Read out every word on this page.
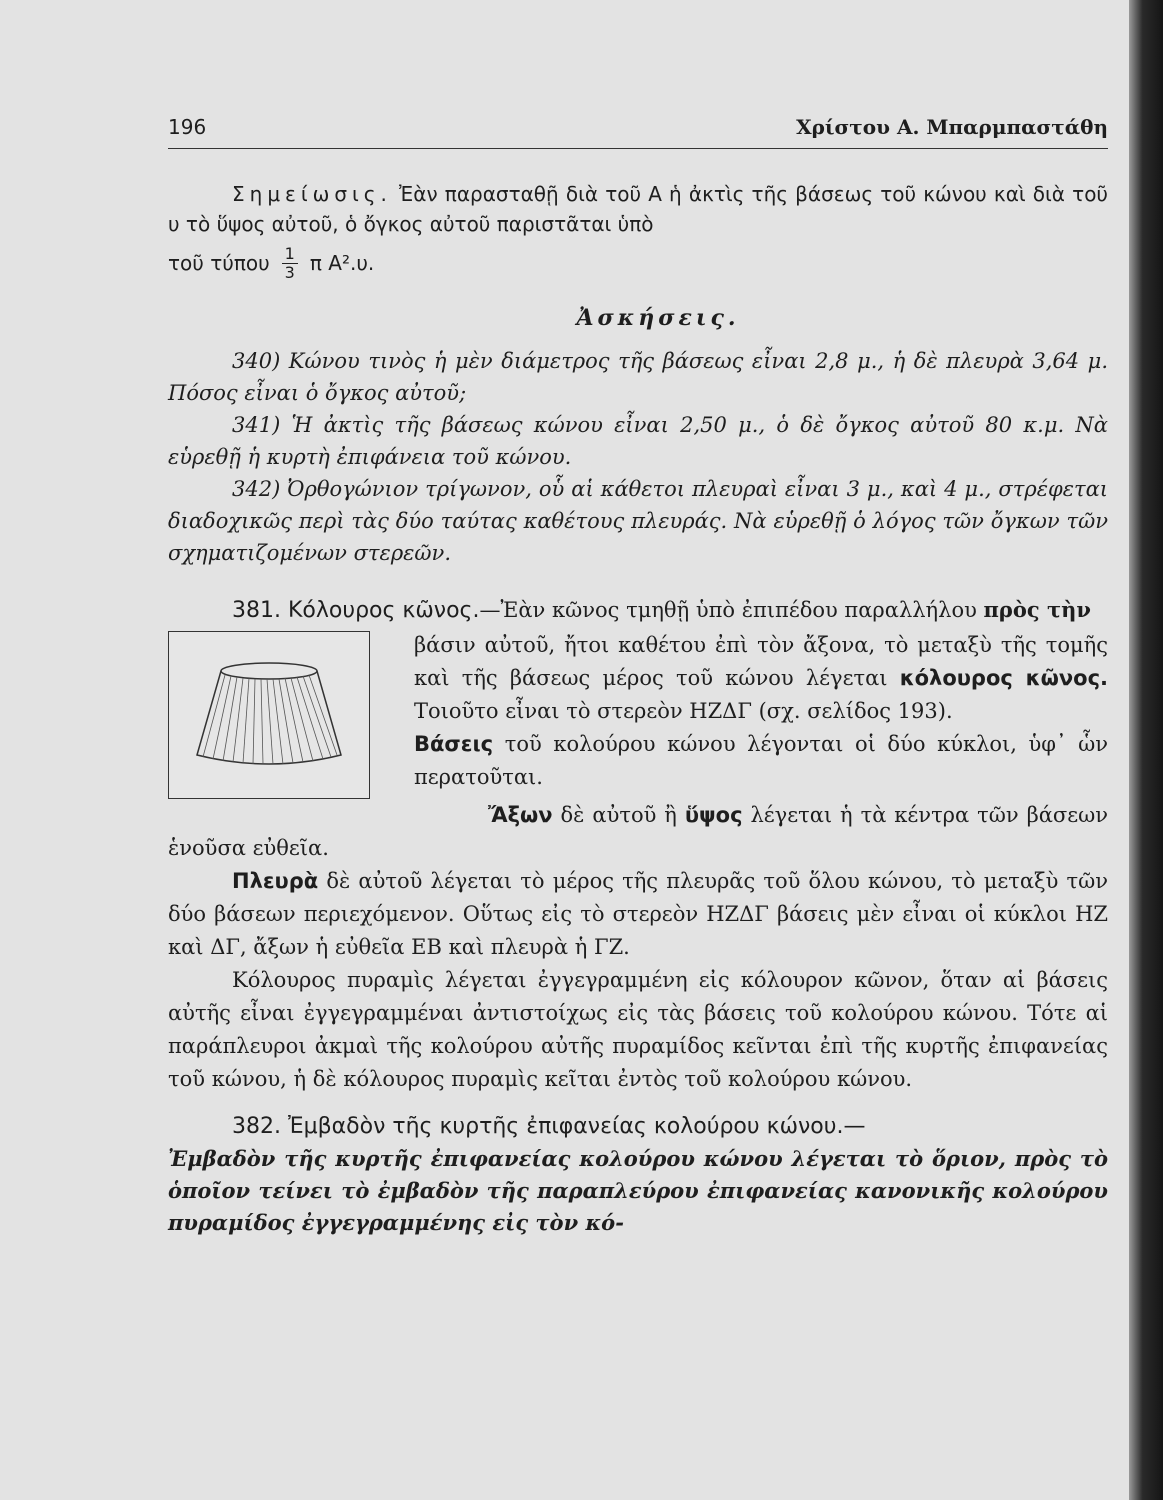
196	Χρίστου Α. Μπαρμπαστάθη

Σημείωσις. Ἐὰν παρασταθῇ διὰ τοῦ Α ἡ ἀκτὶς τῆς βάσεως τοῦ κώνου καὶ διὰ τοῦ υ τὸ ὕψος αὐτοῦ, ὁ ὄγκος αὐτοῦ παριστᾶται ὑπὸ

τοῦ τύπου $\frac{1}{3}$ π Α².υ.
Ἀσκήσεις.

340) Κώνου τινὸς ἡ μὲν διάμετρος τῆς βάσεως εἶναι 2,8 μ., ἡ δὲ πλευρὰ 3,64 μ. Πόσος εἶναι ὁ ὄγκος αὐτοῦ;

341) Ἡ ἀκτὶς τῆς βάσεως κώνου εἶναι 2,50 μ., ὁ δὲ ὄγκος αὐτοῦ 80 κ.μ. Νὰ εὑρεθῇ ἡ κυρτὴ ἐπιφάνεια τοῦ κώνου.

342) Ὀρθογώνιον τρίγωνον, οὗ αἱ κάθετοι πλευραὶ εἶναι 3 μ., καὶ 4 μ., στρέφεται διαδοχικῶς περὶ τὰς δύο ταύτας καθέτους πλευράς. Νὰ εὑρεθῇ ὁ λόγος τῶν ὄγκων τῶν σχηματιζομένων στερεῶν.

381. Κόλουρος κῶνος.—Ἐὰν κῶνος τμηθῇ ὑπὸ ἐπιπέδου παραλλήλου πρὸς τὴν

βάσιν αὐτοῦ, ἤτοι καθέτου ἐπὶ τὸν ἄξονα, τὸ μεταξὺ τῆς τομῆς καὶ τῆς βάσεως μέρος τοῦ κώνου λέγεται κόλουρος κῶνος. Τοιοῦτο εἶναι τὸ στερεὸν ΗΖΔΓ (σχ. σελίδος 193).

Βάσεις τοῦ κολούρου κώνου λέγονται οἱ δύο κύκλοι, ὑφ᾽ ὧν περατοῦται.

Ἄξων δὲ αὐτοῦ ἢ ὕψος λέγεται ἡ τὰ κέντρα τῶν βάσεων ἑνοῦσα εὐθεῖα.

Πλευρὰ δὲ αὐτοῦ λέγεται τὸ μέρος τῆς πλευρᾶς τοῦ ὅλου κώνου, τὸ μεταξὺ τῶν δύο βάσεων περιεχόμενον. Οὕτως εἰς τὸ στερεὸν ΗΖΔΓ βάσεις μὲν εἶναι οἱ κύκλοι ΗΖ καὶ ΔΓ, ἄξων ἡ εὐθεῖα ΕΒ καὶ πλευρὰ ἡ ΓΖ.

Κόλουρος πυραμὶς λέγεται ἐγγεγραμμένη εἰς κόλουρον κῶνον, ὅταν αἱ βάσεις αὐτῆς εἶναι ἐγγεγραμμέναι ἀντιστοίχως εἰς τὰς βάσεις τοῦ κολούρου κώνου. Τότε αἱ παράπλευροι ἀκμαὶ τῆς κολούρου αὐτῆς πυραμίδος κεῖνται ἐπὶ τῆς κυρτῆς ἐπιφανείας τοῦ κώνου, ἡ δὲ κόλουρος πυραμὶς κεῖται ἐντὸς τοῦ κολούρου κώνου.

382. Ἐμβαδὸν τῆς κυρτῆς ἐπιφανείας κολούρου κώνου.—

Ἐμβαδὸν τῆς κυρτῆς ἐπιφανείας κολούρου κώνου λέγεται τὸ ὅριον, πρὸς τὸ ὁποῖον τείνει τὸ ἐμβαδὸν τῆς παραπλεύρου ἐπιφανείας κανονικῆς κολούρου πυραμίδος ἐγγεγραμμένης εἰς τὸν κό-
